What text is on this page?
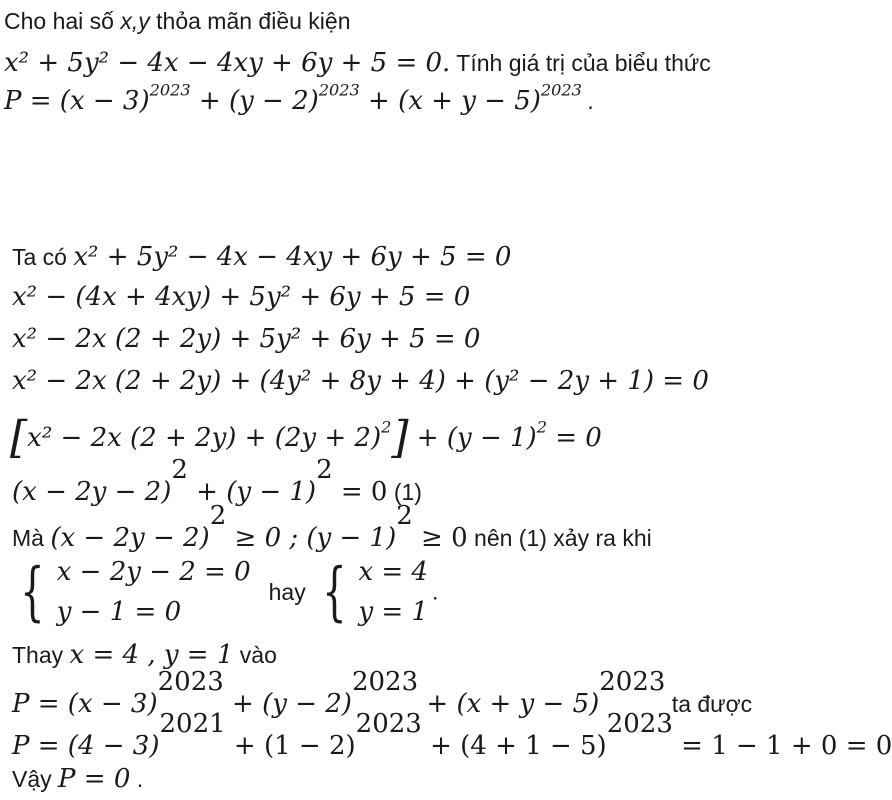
Cho hai số x,y thỏa mãn điều kiện
x² + 5y² − 4x − 4xy + 6y + 5 = 0. Tính giá trị của biểu thức
$P = (x - 3)^{2023} + (y - 2)^{2023} + (x + y - 5)^{2023}$ .
Ta có x² + 5y² − 4x − 4xy + 6y + 5 = 0
x² − (4x + 4xy) + 5y² + 6y + 5 = 0
x² − 2x (2 + 2y) + 5y² + 6y + 5 = 0
x² − 2x (2 + 2y) + (4y² + 8y + 4) + (y² − 2y + 1) = 0
[x² − 2x $(2 + 2y) + (2y + 2)^2] + (y - 1)^2 = 0$
$(x - 2y - 2)^2 + (y - 1)^2 = 0$ (1)
Mà $(x - 2y - 2)^2 \ge 0$ ; $(y - 1)^2 \ge 0$ nên (1) xảy ra khi
{ x − 2y − 2 = 0
y − 1 = 0
hay { x = 4
y = 1
.
Thay x = 4 , y = 1 vào
$P = (x - 3)^{2023} + (y - 2)^{2023} + (x + y - 5)^{2023}$ ta được
$P = (4 - 3)^{2021} + (1 - 2)^{2023} + (4 + 1 - 5)^{2023} = 1 - 1 + 0 = 0$
Vậy P = 0 .
